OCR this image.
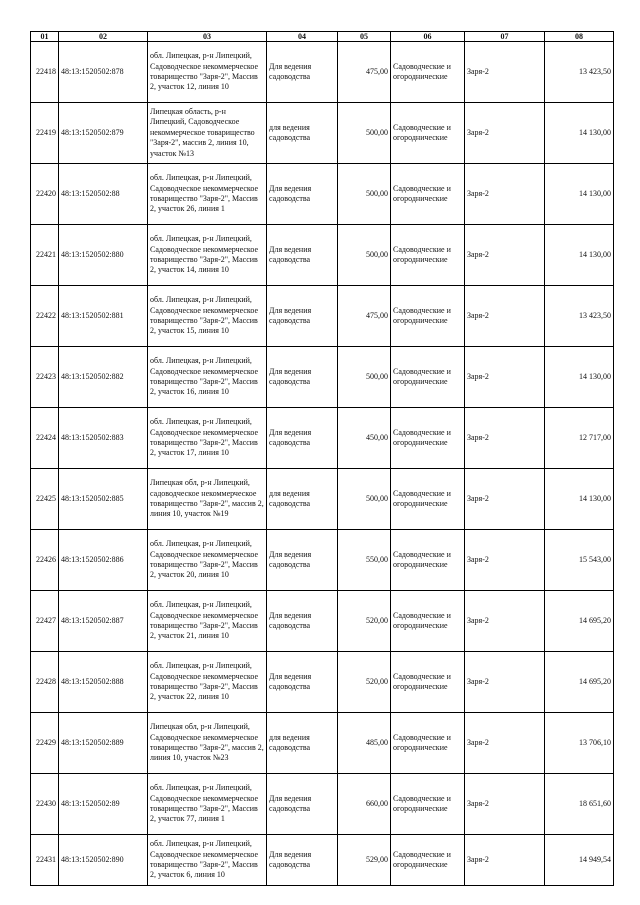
01	02	03	04	05	06	07	08
22418	48:13:1520502:878	обл. Липецкая, р-н Липецкий, Садоводческое некоммерческое товарищество "Заря-2", Массив 2, участок 12, линия 10	Для ведения садоводства	475,00	Садоводческие и огороднические	Заря-2	13 423,50
22419	48:13:1520502:879	Липецкая область, р-н Липецкий, Садоводческое некоммерческое товарищество "Заря-2", массив 2, линия 10, участок №13	для ведения садоводства	500,00	Садоводческие и огороднические	Заря-2	14 130,00
22420	48:13:1520502:88	обл. Липецкая, р-н Липецкий, Садоводческое некоммерческое товарищество "Заря-2", Массив 2, участок 26, линия 1	Для ведения садоводства	500,00	Садоводческие и огороднические	Заря-2	14 130,00
22421	48:13:1520502:880	обл. Липецкая, р-н Липецкий, Садоводческое некоммерческое товарищество "Заря-2", Массив 2, участок 14, линия 10	Для ведения садоводства	500,00	Садоводческие и огороднические	Заря-2	14 130,00
22422	48:13:1520502:881	обл. Липецкая, р-н Липецкий, Садоводческое некоммерческое товарищество "Заря-2", Массив 2, участок 15, линия 10	Для ведения садоводства	475,00	Садоводческие и огороднические	Заря-2	13 423,50
22423	48:13:1520502:882	обл. Липецкая, р-н Липецкий, Садоводческое некоммерческое товарищество "Заря-2", Массив 2, участок 16, линия 10	Для ведения садоводства	500,00	Садоводческие и огороднические	Заря-2	14 130,00
22424	48:13:1520502:883	обл. Липецкая, р-н Липецкий, Садоводческое некоммерческое товарищество "Заря-2", Массив 2, участок 17, линия 10	Для ведения садоводства	450,00	Садоводческие и огороднические	Заря-2	12 717,00
22425	48:13:1520502:885	Липецкая обл, р-н Липецкий, садоводческое некоммерческое товарищество "Заря-2", массив 2, линия 10, участок №19	для ведения садоводства	500,00	Садоводческие и огороднические	Заря-2	14 130,00
22426	48:13:1520502:886	обл. Липецкая, р-н Липецкий, Садоводческое некоммерческое товарищество "Заря-2", Массив 2, участок 20, линия 10	Для ведения садоводства	550,00	Садоводческие и огороднические	Заря-2	15 543,00
22427	48:13:1520502:887	обл. Липецкая, р-н Липецкий, Садоводческое некоммерческое товарищество "Заря-2", Массив 2, участок 21, линия 10	Для ведения садоводства	520,00	Садоводческие и огороднические	Заря-2	14 695,20
22428	48:13:1520502:888	обл. Липецкая, р-н Липецкий, Садоводческое некоммерческое товарищество "Заря-2", Массив 2, участок 22, линия 10	Для ведения садоводства	520,00	Садоводческие и огороднические	Заря-2	14 695,20
22429	48:13:1520502:889	Липецкая обл, р-н Липецкий, Садоводческое некоммерческое товарищество "Заря-2", массив 2, линия 10, участок №23	для ведения садоводства	485,00	Садоводческие и огороднические	Заря-2	13 706,10
22430	48:13:1520502:89	обл. Липецкая, р-н Липецкий, Садоводческое некоммерческое товарищество "Заря-2", Массив 2, участок 77, линия 1	Для ведения садоводства	660,00	Садоводческие и огороднические	Заря-2	18 651,60
22431	48:13:1520502:890	обл. Липецкая, р-н Липецкий, Садоводческое некоммерческое товарищество "Заря-2", Массив 2, участок 6, линия 10	Для ведения садоводства	529,00	Садоводческие и огороднические	Заря-2	14 949,54
